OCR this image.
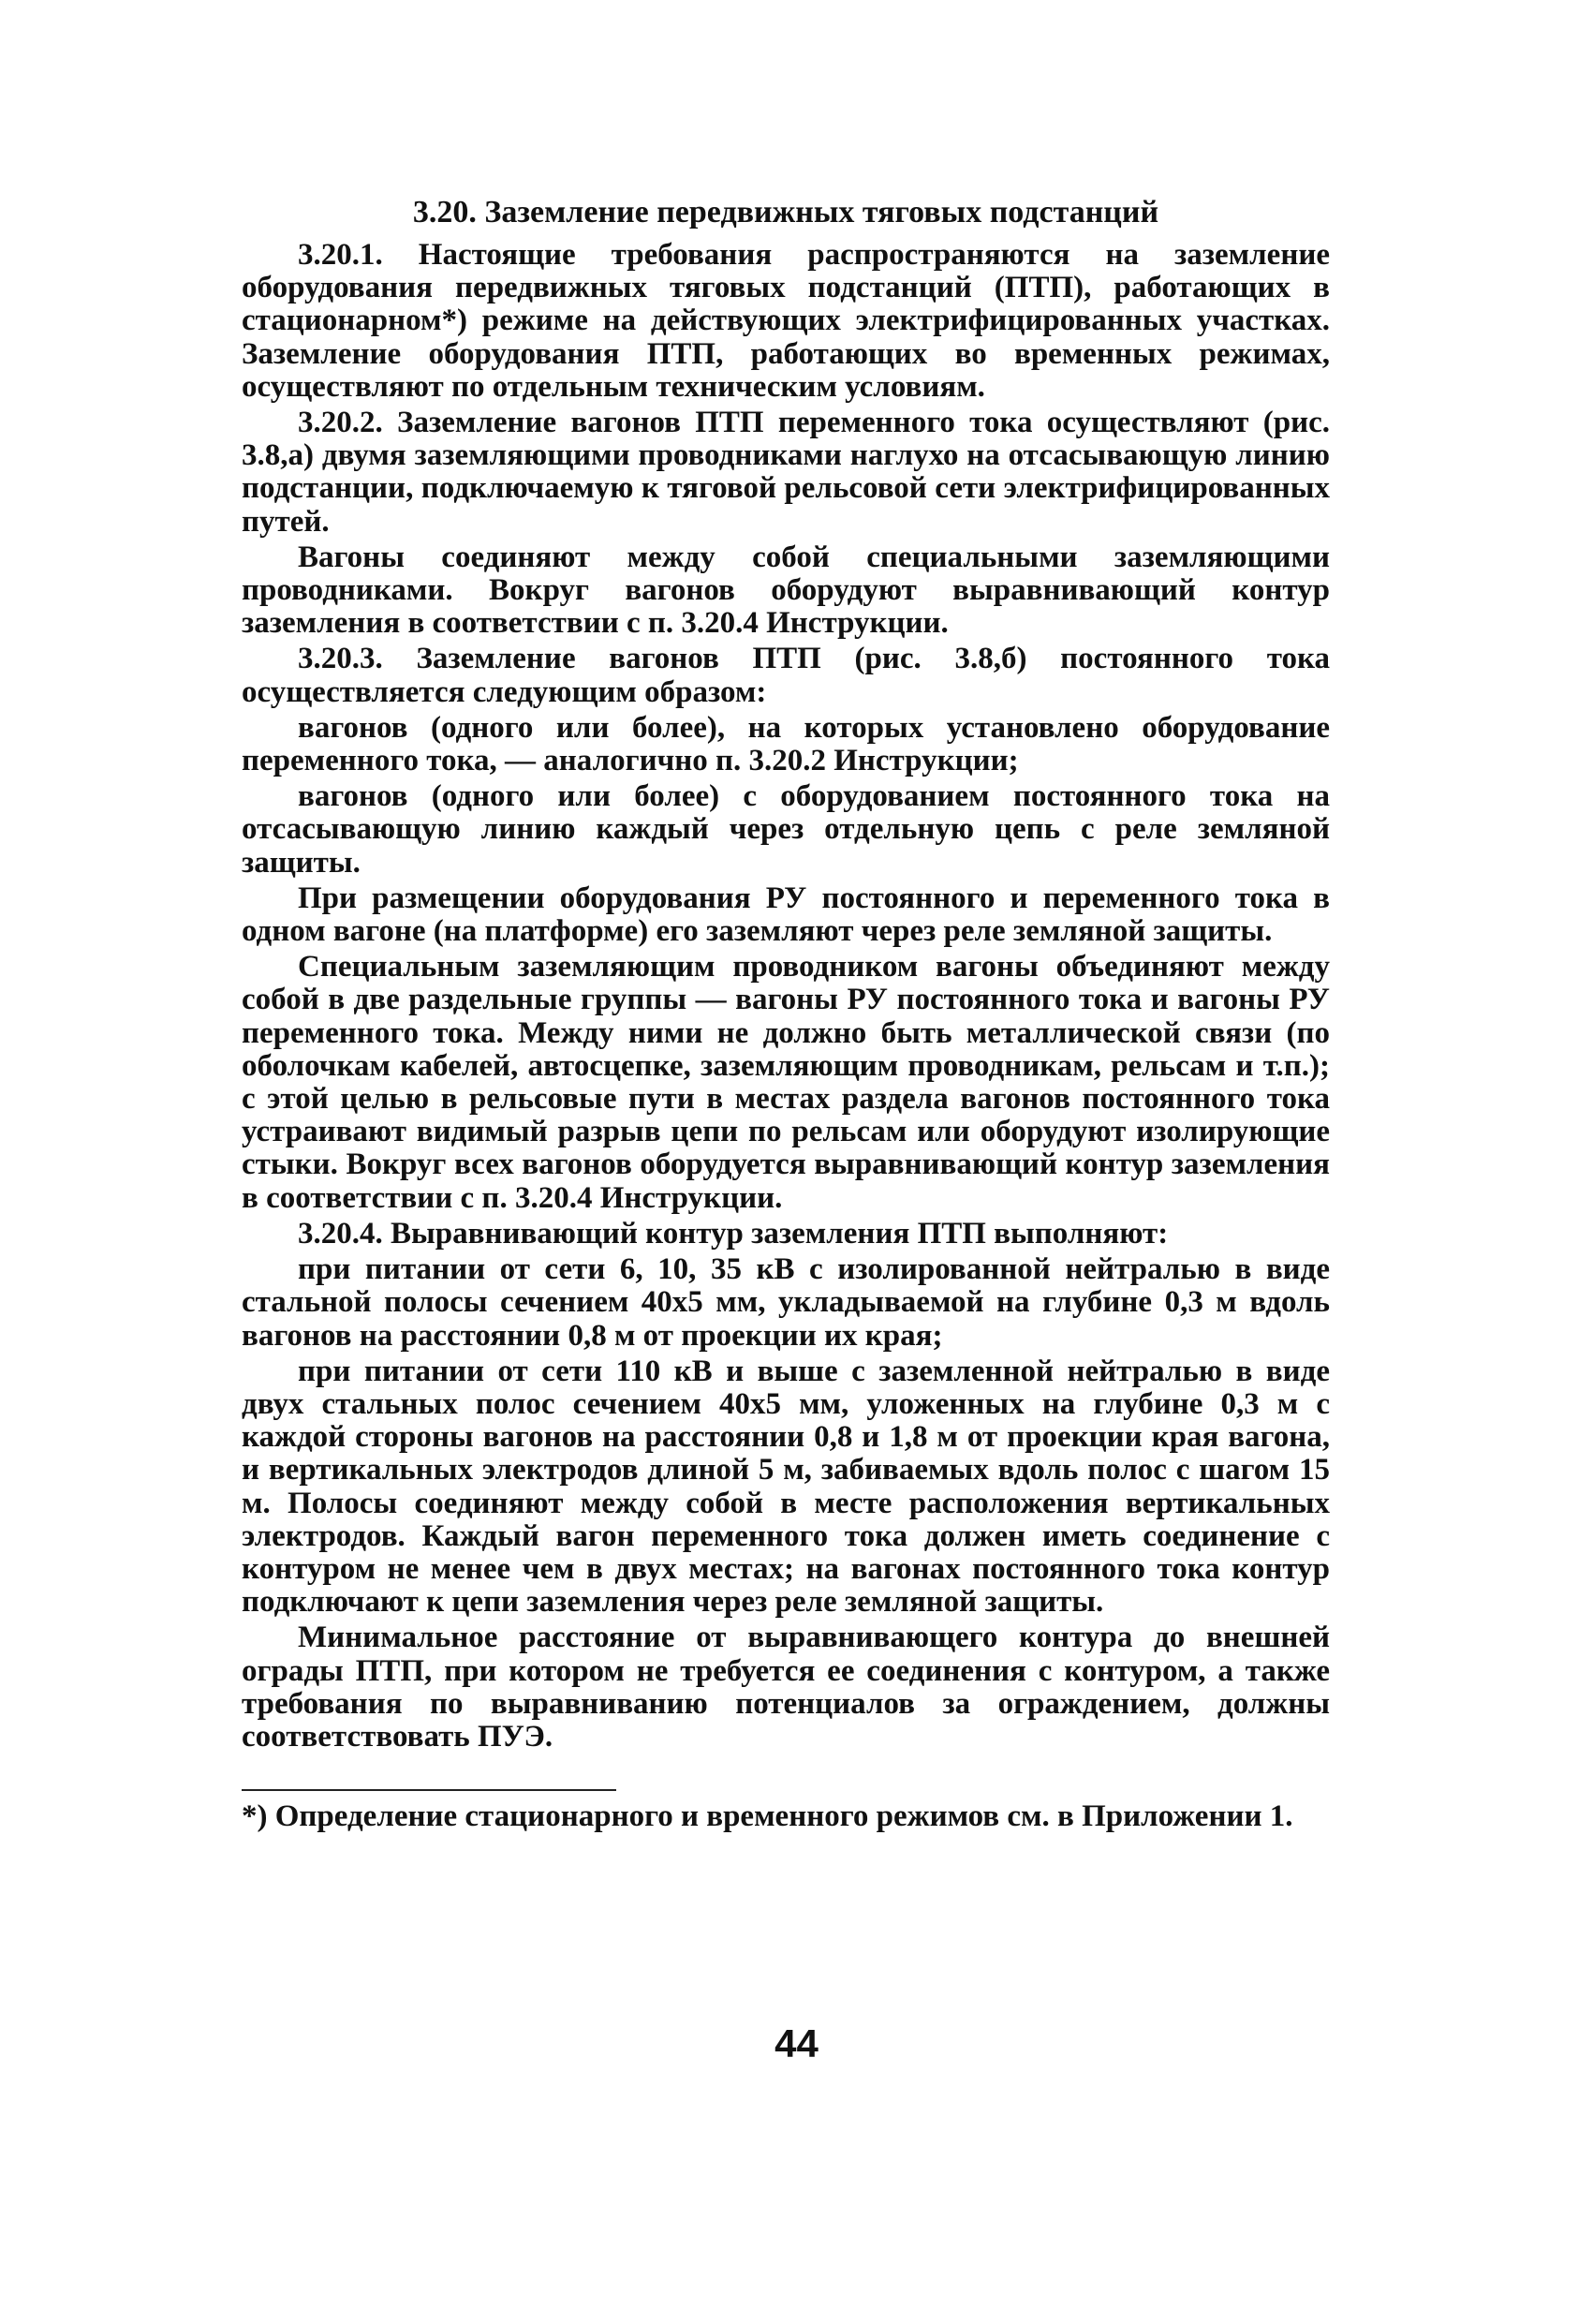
3.20. Заземление передвижных тяговых подстанций

3.20.1. Настоящие требования распространяются на заземление оборудования передвижных тяговых подстанций (ПТП), работающих в стационарном*) режиме на действующих электрифицированных участках. Заземление оборудования ПТП, работающих во временных режимах, осуществляют по отдельным техническим условиям.

3.20.2. Заземление вагонов ПТП переменного тока осуществляют (рис. 3.8,а) двумя заземляющими проводниками наглухо на отсасывающую линию подстанции, подключаемую к тяговой рельсовой сети электрифицированных путей.

Вагоны соединяют между собой специальными заземляющими проводниками. Вокруг вагонов оборудуют выравнивающий контур заземления в соответствии с п. 3.20.4 Инструкции.

3.20.3. Заземление вагонов ПТП (рис. 3.8,б) постоянного тока осуществляется следующим образом:

вагонов (одного или более), на которых установлено оборудование переменного тока, — аналогично п. 3.20.2 Инструкции;

вагонов (одного или более) с оборудованием постоянного тока на отсасывающую линию каждый через отдельную цепь с реле земляной защиты.

При размещении оборудования РУ постоянного и переменного тока в одном вагоне (на платформе) его заземляют через реле земляной защиты.

Специальным заземляющим проводником вагоны объединяют между собой в две раздельные группы — вагоны РУ постоянного тока и вагоны РУ переменного тока. Между ними не должно быть металлической связи (по оболочкам кабелей, автосцепке, заземляющим проводникам, рельсам и т.п.); с этой целью в рельсовые пути в местах раздела вагонов постоянного тока устраивают видимый разрыв цепи по рельсам или оборудуют изолирующие стыки. Вокруг всех вагонов оборудуется выравнивающий контур заземления в соответствии с п. 3.20.4 Инструкции.

3.20.4. Выравнивающий контур заземления ПТП выполняют:

при питании от сети 6, 10, 35 кВ с изолированной нейтралью в виде стальной полосы сечением 40x5 мм, укладываемой на глубине 0,3 м вдоль вагонов на расстоянии 0,8 м от проекции их края;

при питании от сети 110 кВ и выше с заземленной нейтралью в виде двух стальных полос сечением 40x5 мм, уложенных на глубине 0,3 м с каждой стороны вагонов на расстоянии 0,8 и 1,8 м от проекции края вагона, и вертикальных электродов длиной 5 м, забиваемых вдоль полос с шагом 15 м. Полосы соединяют между собой в месте расположения вертикальных электродов. Каждый вагон переменного тока должен иметь соединение с контуром не менее чем в двух местах; на вагонах постоянного тока контур подключают к цепи заземления через реле земляной защиты.

Минимальное расстояние от выравнивающего контура до внешней ограды ПТП, при котором не требуется ее соединения с контуром, а также требования по выравниванию потенциалов за ограждением, должны соответствовать ПУЭ.

*) Определение стационарного и временного режимов см. в Приложении 1.

44
